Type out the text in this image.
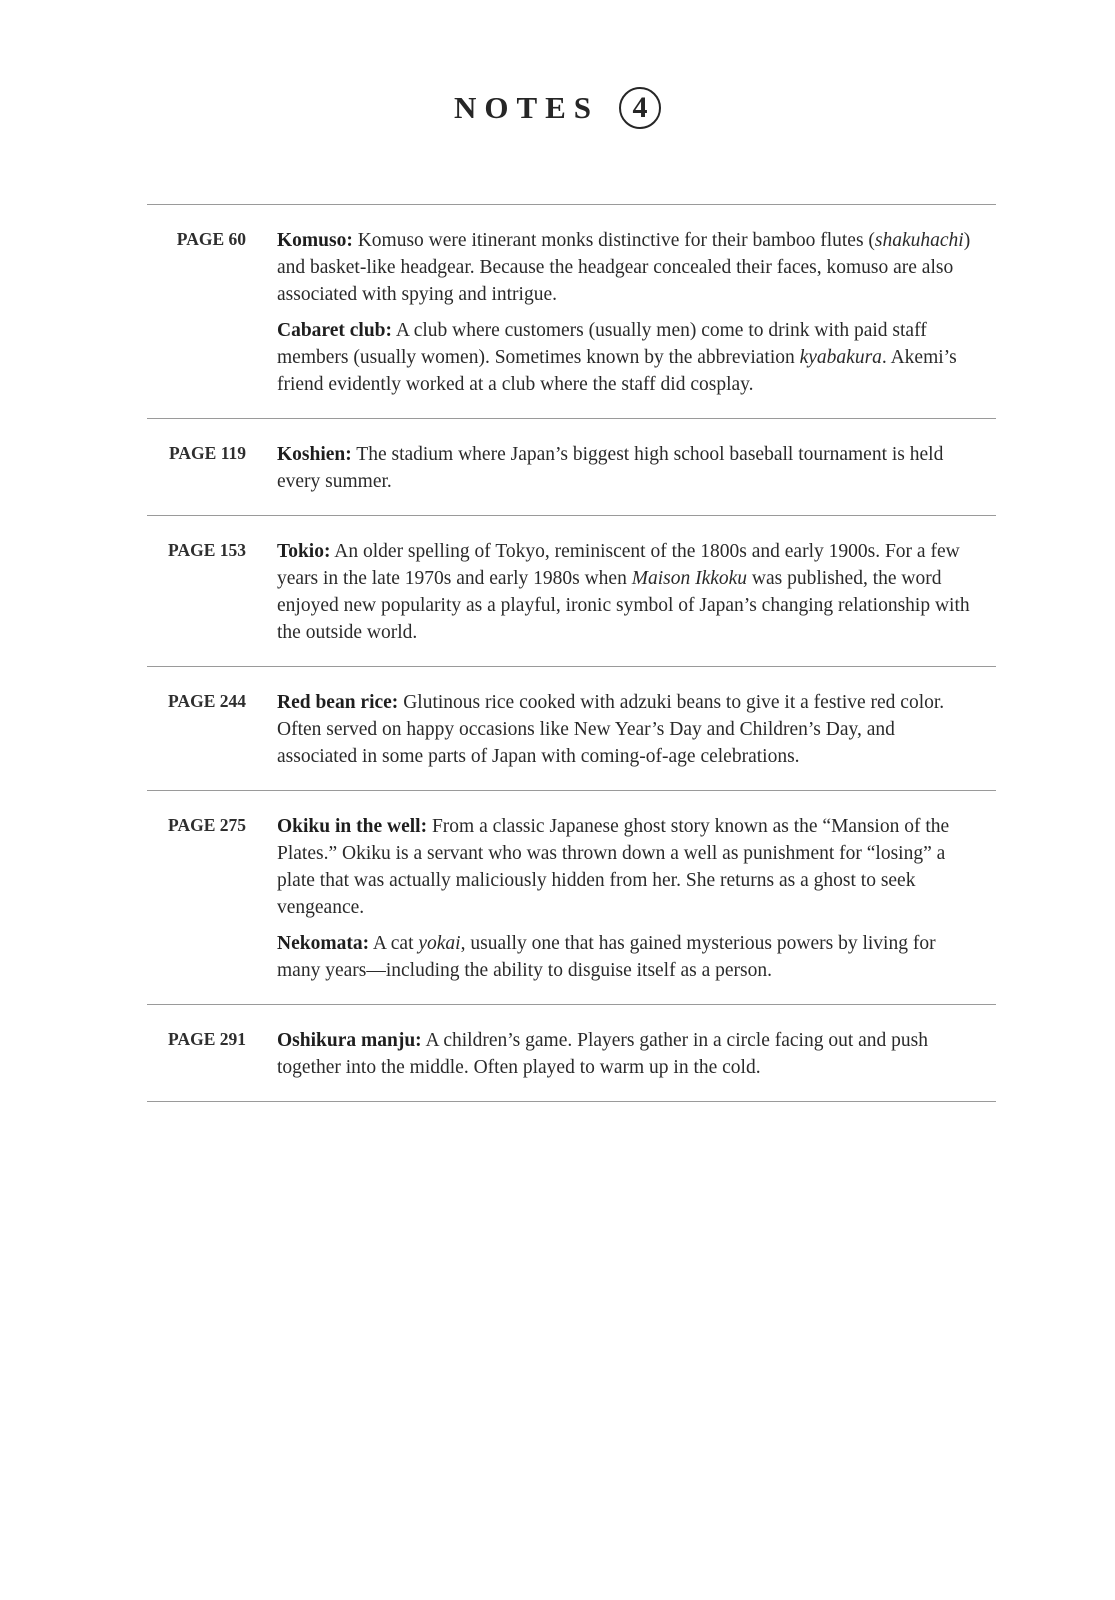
NOTES	4
PAGE 60 Komuso: Komuso were itinerant monks distinctive for their bamboo flutes (shakuhachi) and basket-like headgear. Because the headgear concealed their faces, komuso are also associated with spying and intrigue.

Cabaret club: A club where customers (usually men) come to drink with paid staff members (usually women). Sometimes known by the abbreviation kyabakura. Akemi’s friend evidently worked at a club where the staff did cosplay.

PAGE 119 Koshien: The stadium where Japan’s biggest high school baseball tournament is held every summer.

PAGE 153 Tokio: An older spelling of Tokyo, reminiscent of the 1800s and early 1900s. For a few years in the late 1970s and early 1980s when Maison Ikkoku was published, the word enjoyed new popularity as a playful, ironic symbol of Japan’s changing relationship with the outside world.

PAGE 244 Red bean rice: Glutinous rice cooked with adzuki beans to give it a festive red color. Often served on happy occasions like New Year’s Day and Children’s Day, and associated in some parts of Japan with coming-of-age celebrations.

PAGE 275 Okiku in the well: From a classic Japanese ghost story known as the “Mansion of the Plates.” Okiku is a servant who was thrown down a well as punishment for “losing” a plate that was actually maliciously hidden from her. She returns as a ghost to seek vengeance.

Nekomata: A cat yokai, usually one that has gained mysterious powers by living for many years—including the ability to disguise itself as a person.

PAGE 291 Oshikura manju: A children’s game. Players gather in a circle facing out and push together into the middle. Often played to warm up in the cold.
